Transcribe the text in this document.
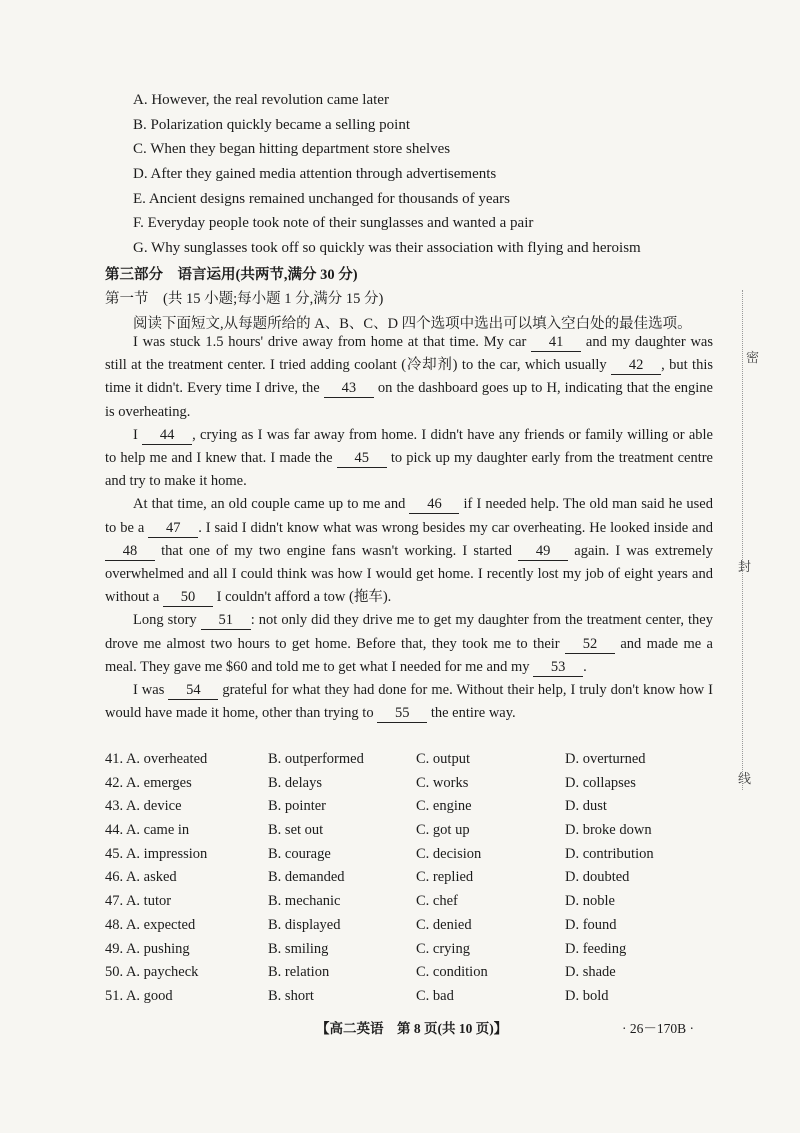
A. However, the real revolution came later
B. Polarization quickly became a selling point
C. When they began hitting department store shelves
D. After they gained media attention through advertisements
E. Ancient designs remained unchanged for thousands of years
F. Everyday people took note of their sunglasses and wanted a pair
G. Why sunglasses took off so quickly was their association with flying and heroism
第三部分　语言运用(共两节,满分 30 分)
第一节　(共 15 小题;每小题 1 分,满分 15 分)
阅读下面短文,从每题所给的 A、B、C、D 四个选项中选出可以填入空白处的最佳选项。

I was stuck 1.5 hours' drive away from home at that time. My car 41 and my daughter was still at the treatment center. I tried adding coolant (冷却剂) to the car, which usually 42 , but this time it didn't. Every time I drive, the 43 on the dashboard goes up to H, indicating that the engine is overheating.

I 44 , crying as I was far away from home. I didn't have any friends or family willing or able to help me and I knew that. I made the 45 to pick up my daughter early from the treatment centre and try to make it home.

At that time, an old couple came up to me and 46 if I needed help. The old man said he used to be a 47 . I said I didn't know what was wrong besides my car overheating. He looked inside and 48 that one of my two engine fans wasn't working. I started 49 again. I was extremely overwhelmed and all I could think was how I would get home. I recently lost my job of eight years and without a 50 I couldn't afford a tow (拖车).

Long story 51 : not only did they drive me to get my daughter from the treatment center, they drove me almost two hours to get home. Before that, they took me to their 52 and made me a meal. They gave me $60 and told me to get what I needed for me and my 53 .

I was 54 grateful for what they had done for me. Without their help, I truly don't know how I would have made it home, other than trying to 55 the entire way.

41. A. overheated	B. outperformed	C. output	D. overturned
42. A. emerges	B. delays	C. works	D. collapses
43. A. device	B. pointer	C. engine	D. dust
44. A. came in	B. set out	C. got up	D. broke down
45. A. impression	B. courage	C. decision	D. contribution
46. A. asked	B. demanded	C. replied	D. doubted
47. A. tutor	B. mechanic	C. chef	D. noble
48. A. expected	B. displayed	C. denied	D. found
49. A. pushing	B. smiling	C. crying	D. feeding
50. A. paycheck	B. relation	C. condition	D. shade
51. A. good	B. short	C. bad	D. bold
【高二英语　第 8 页(共 10 页)】	· 26－170B ·
密
封
线
